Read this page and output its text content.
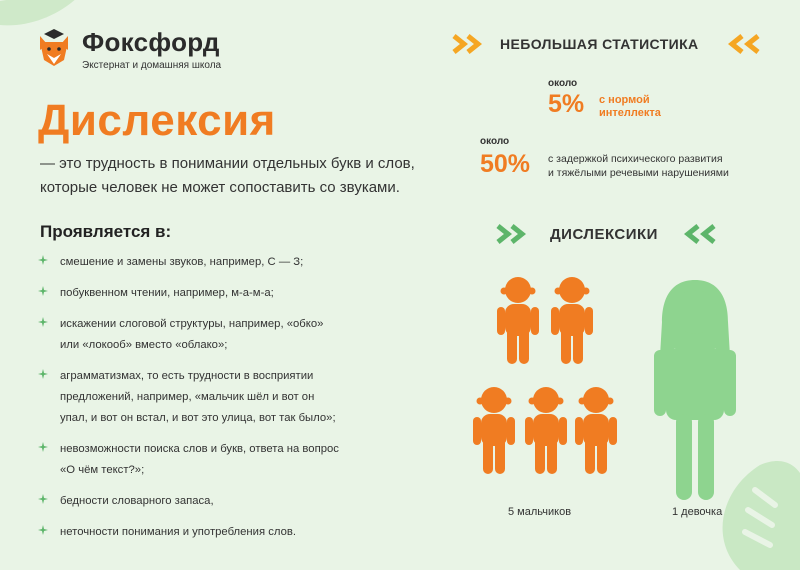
Фоксфорд
Экстернат и домашняя школа
Дислексия
— это трудность в понимании отдельных букв и слов, которые человек не может сопоставить со звуками.
Проявляется в:
смешение и замены звуков, например, С — З;
побуквенном чтении, например, м-а-м-а;
искажении слоговой структуры, например, «обко»
или «локооб» вместо «облако»;
аграмматизмах, то есть трудности в восприятии
предложений, например, «мальчик шёл и вот он
упал, и вот он встал, и вот это улица, вот так было»;
невозможности поиска слов и букв, ответа на вопрос
«О чём текст?»;
бедности словарного запаса,
неточности понимания и употребления слов.
НЕБОЛЬШАЯ СТАТИСТИКА
около
5% с нормой
интеллекта
около
50% с задержкой психического развития
и тяжёлыми речевыми нарушениями
ДИСЛЕКСИКИ
5 мальчиков	1 девочка
